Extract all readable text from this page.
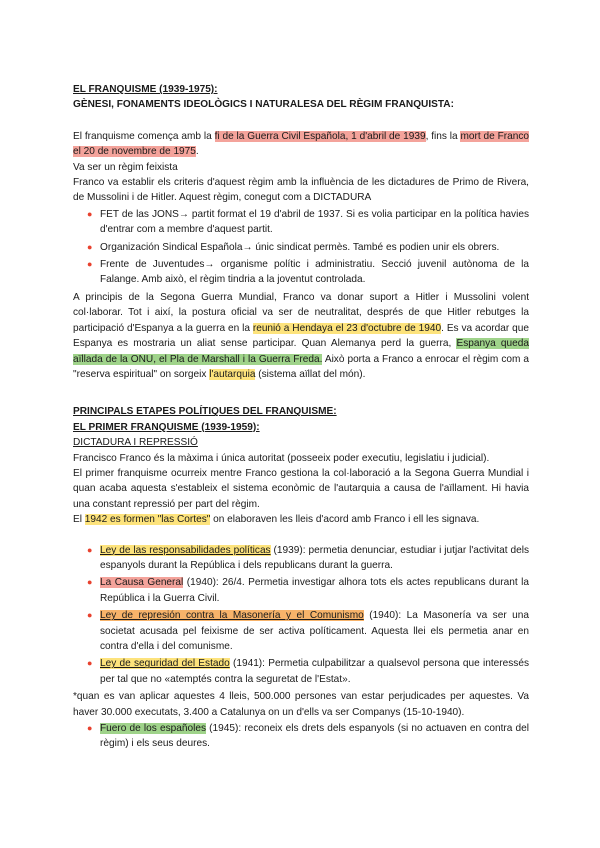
EL FRANQUISME (1939-1975):
GÈNESI, FONAMENTS IDEOLÒGICS I NATURALESA DEL RÈGIM FRANQUISTA:

El franquisme comença amb la fi de la Guerra Civil Española, 1 d'abril de 1939, fins la mort de Franco el 20 de novembre de 1975.

Va ser un règim feixista

Franco va establir els criteris d'aquest règim amb la influència de les dictadures de Primo de Rivera, de Mussolini i de Hitler. Aquest règim, conegut com a DICTADURA

● FET de las JONS→ partit format el 19 d'abril de 1937. Si es volia participar en la política havies d'entrar com a membre d'aquest partit.
● Organización Sindical Española→ únic sindicat permès. També es podien unir els obrers.
● Frente de Juventudes→ organisme polític i administratiu. Secció juvenil autònoma de la Falange. Amb això, el règim tindria a la joventut controlada.

A principis de la Segona Guerra Mundial, Franco va donar suport a Hitler i Mussolini volent col·laborar. Tot i així, la postura oficial va ser de neutralitat, després de que Hitler rebutges la participació d'Espanya a la guerra en la reunió a Hendaya el 23 d'octubre de 1940. Es va acordar que Espanya es mostraria un aliat sense participar. Quan Alemanya perd la guerra, Espanya queda aïllada de la ONU, el Pla de Marshall i la Guerra Freda. Això porta a Franco a enrocar el règim com a "reserva espiritual" on sorgeix l'autarquia (sistema aïllat del món).

PRINCIPALS ETAPES POLÍTIQUES DEL FRANQUISME:
EL PRIMER FRANQUISME (1939-1959):
DICTADURA I REPRESSIÓ

Francisco Franco és la màxima i única autoritat (posseeix poder executiu, legislatiu i judicial).

El primer franquisme ocurreix mentre Franco gestiona la col·laboració a la Segona Guerra Mundial i quan acaba aquesta s'estableix el sistema econòmic de l'autarquia a causa de l'aïllament. Hi havia una constant repressió per part del règim.

El 1942 es formen "las Cortes" on elaboraven les lleis d'acord amb Franco i ell les signava.

● Ley de las responsabilidades políticas (1939): permetia denunciar, estudiar i jutjar l'activitat dels espanyols durant la República i dels republicans durant la guerra.
● La Causa General (1940): 26/4. Permetia investigar alhora tots els actes republicans durant la República i la Guerra Civil.
● Ley de represión contra la Masonería y el Comunismo (1940): La Masonería va ser una societat acusada pel feixisme de ser activa políticament. Aquesta llei els permetia anar en contra d'ella i del comunisme.
● Ley de seguridad del Estado (1941): Permetia culpabilitzar a qualsevol persona que interessés per tal que no «atemptés contra la seguretat de l'Estat».

*quan es van aplicar aquestes 4 lleis, 500.000 persones van estar perjudicades per aquestes. Va haver 30.000 executats, 3.400 a Catalunya on un d'ells va ser Companys (15-10-1940).

● Fuero de los españoles (1945): reconeix els drets dels espanyols (si no actuaven en contra del règim) i els seus deures.
